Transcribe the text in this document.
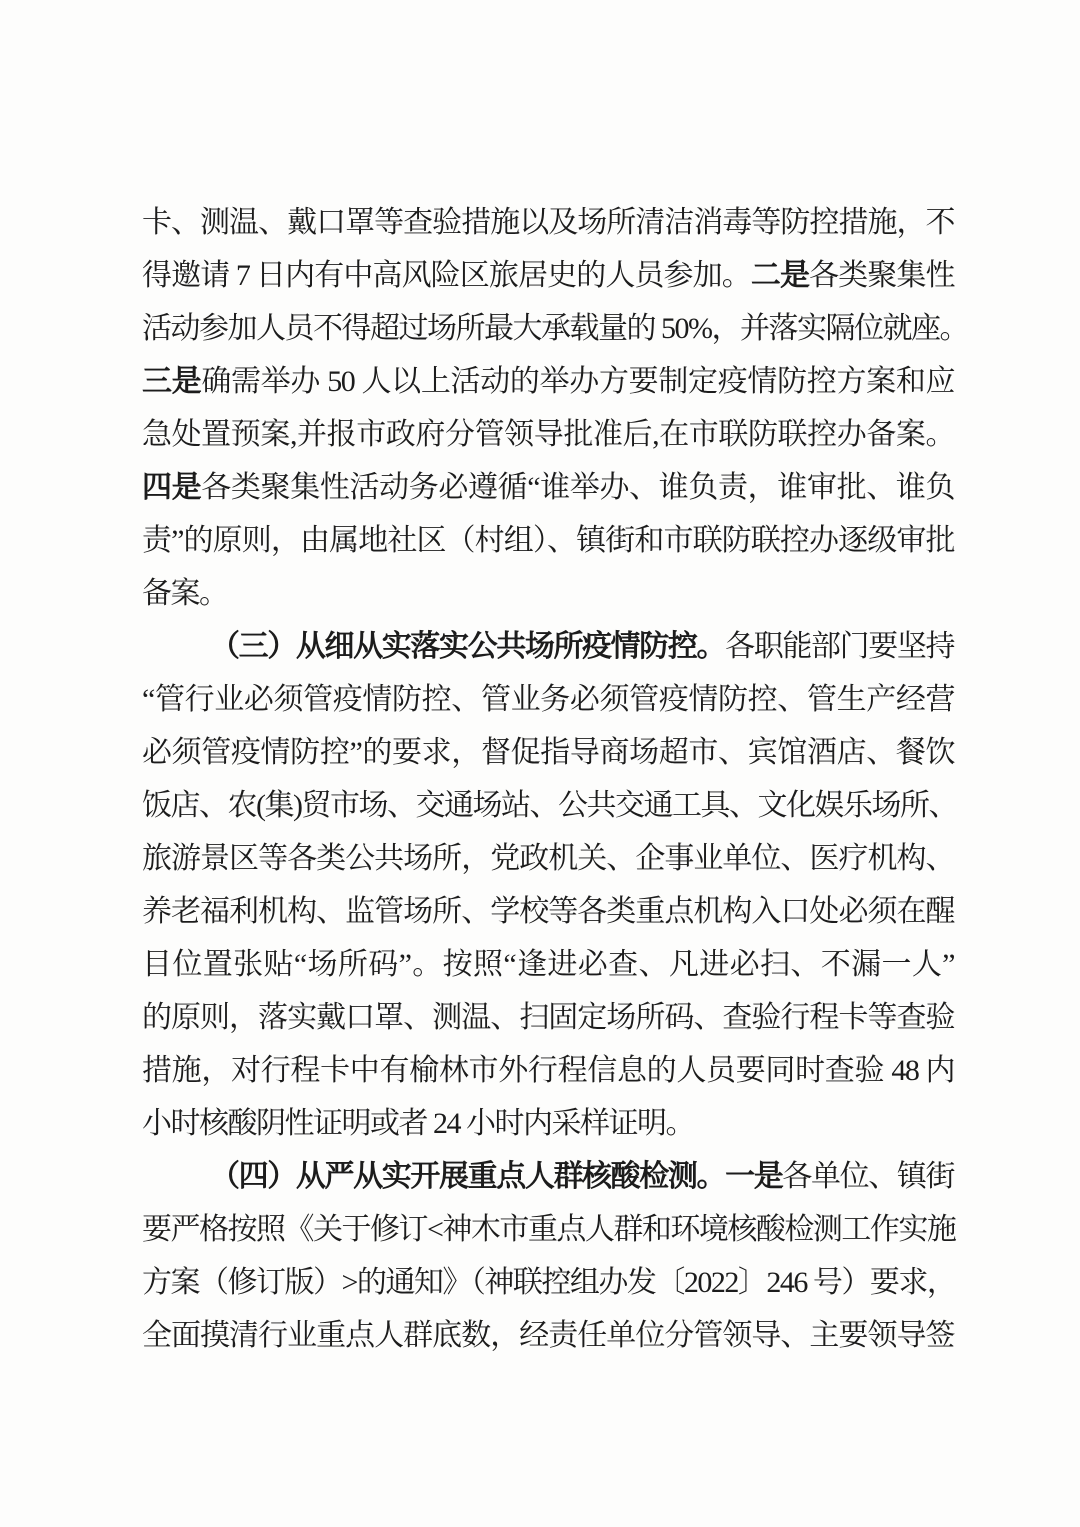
卡、测温、戴口罩等查验措施以及场所清洁消毒等防控措施，不
得邀请 7 日内有中高风险区旅居史的人员参加。二是各类聚集性
活动参加人员不得超过场所最大承载量的 50%，并落实隔位就座。
三是确需举办 50 人以上活动的举办方要制定疫情防控方案和应
急处置预案,并报市政府分管领导批准后,在市联防联控办备案。
四是各类聚集性活动务必遵循“谁举办、谁负责，谁审批、谁负
责”的原则，由属地社区（村组）、镇街和市联防联控办逐级审批
备案。
（三）从细从实落实公共场所疫情防控。各职能部门要坚持
“管行业必须管疫情防控、管业务必须管疫情防控、管生产经营
必须管疫情防控”的要求，督促指导商场超市、宾馆酒店、餐饮
饭店、农(集)贸市场、交通场站、公共交通工具、文化娱乐场所、
旅游景区等各类公共场所，党政机关、企事业单位、医疗机构、
养老福利机构、监管场所、学校等各类重点机构入口处必须在醒
目位置张贴“场所码”。按照“逢进必查、凡进必扫、不漏一人”
的原则，落实戴口罩、测温、扫固定场所码、查验行程卡等查验
措施，对行程卡中有榆林市外行程信息的人员要同时查验 48 内
小时核酸阴性证明或者 24 小时内采样证明。
（四）从严从实开展重点人群核酸检测。一是各单位、镇街
要严格按照《关于修订<神木市重点人群和环境核酸检测工作实施
方案（修订版）>的通知》（神联控组办发〔2022〕246 号）要求，
全面摸清行业重点人群底数，经责任单位分管领导、主要领导签
